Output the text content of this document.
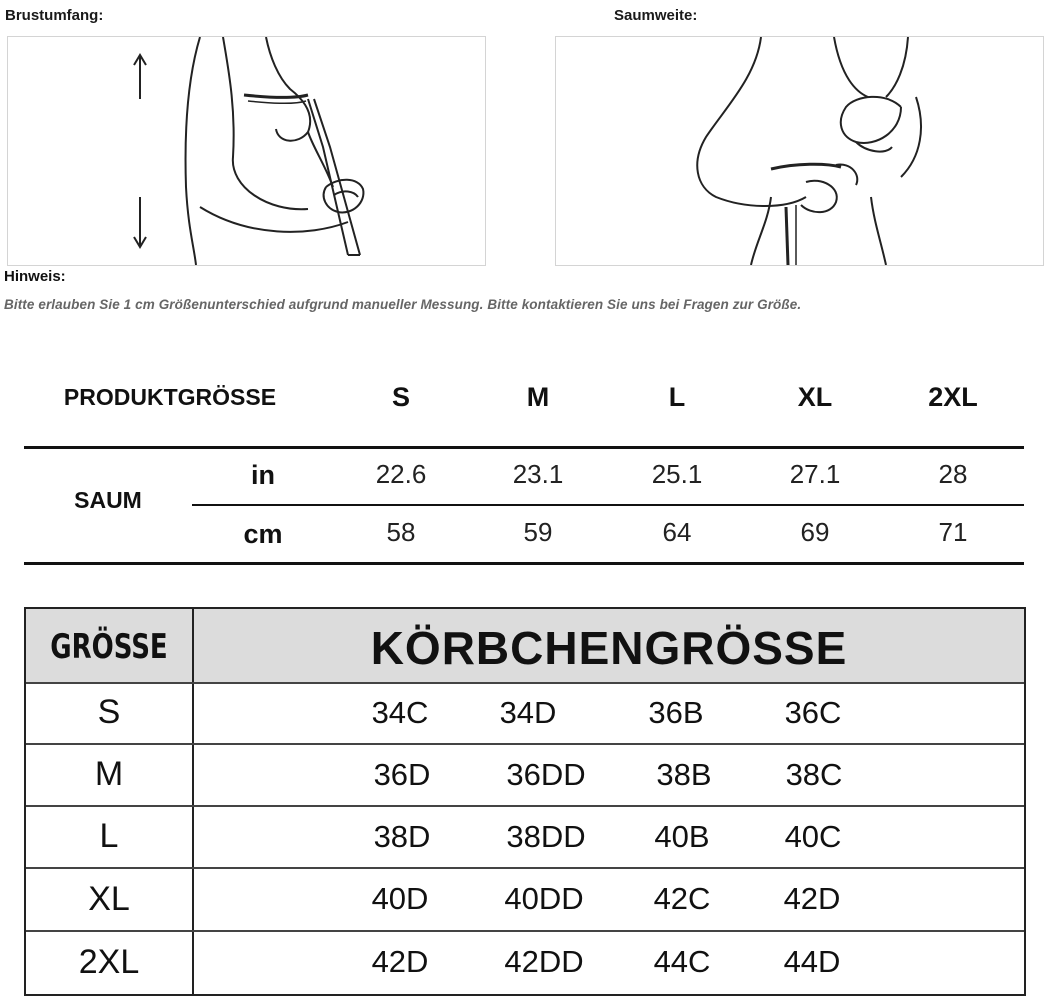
Brustumfang:	Saumweite:
Hinweis:
Bitte erlauben Sie 1 cm Größenunterschied aufgrund manueller Messung. Bitte kontaktieren Sie uns bei Fragen zur Größe.
PRODUKTGRÖSSE	S	M	L	XL	2XL
SAUM
in	22.6	23.1	25.1	27.1	28
cm	58	59	64	69	71
GRÖSSE	KÖRBCHENGRÖSSE
S	34C	34D	36B	36C
M	36D	36DD	38B	38C
L	38D	38DD	40B	40C
XL	40D	40DD	42C	42D
2XL	42D	42DD	44C	44D
